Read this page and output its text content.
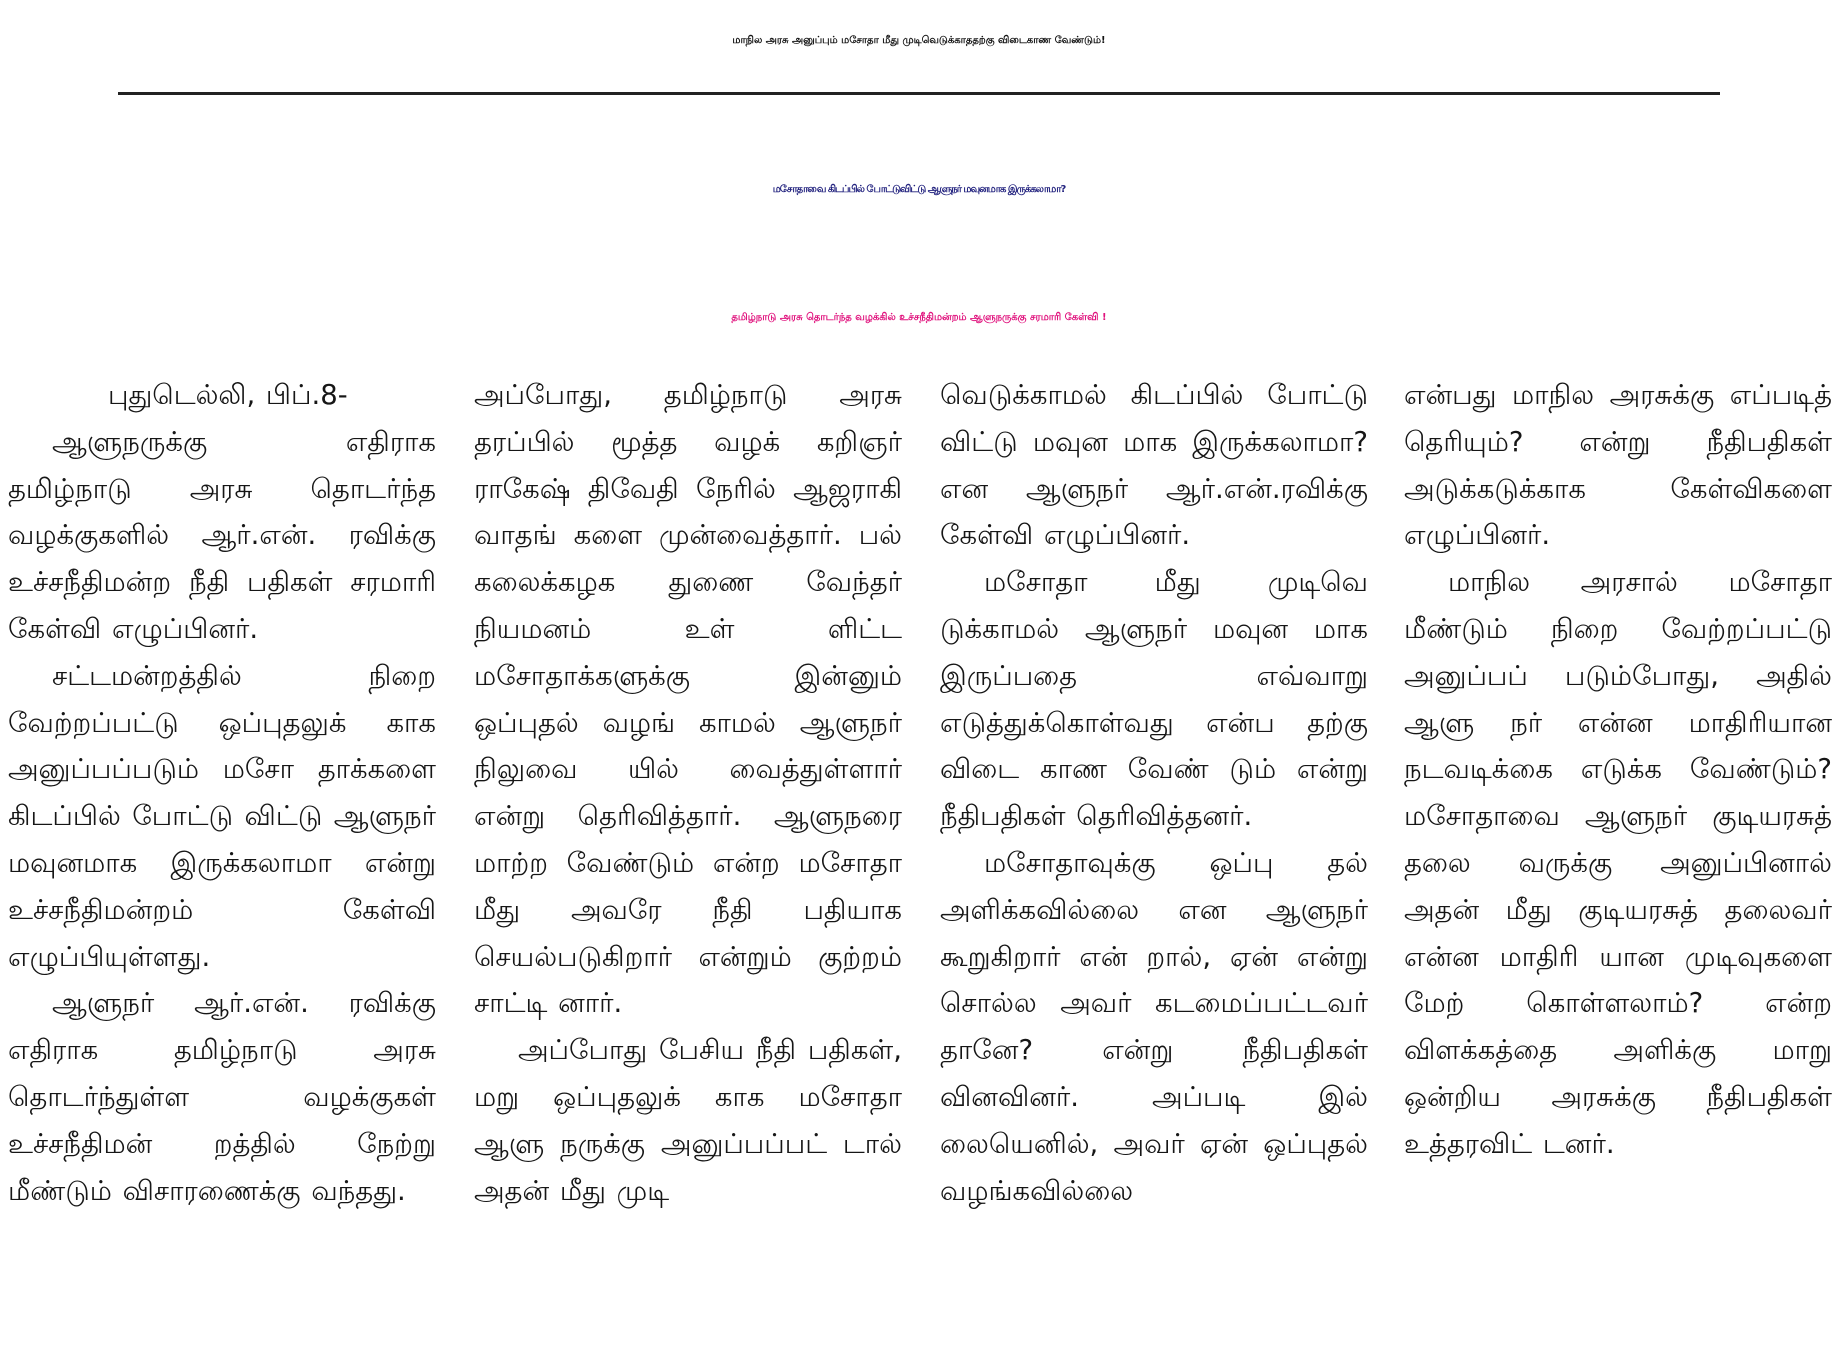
மாநில அரசு அனுப்பும் மசோதா மீது முடிவெடுக்காததற்கு விடைகாண வேண்டும்!
மசோதாவை கிடப்பில் போட்டுவிட்டு ஆளுநர் மவுனமாக இருக்கலாமா?
தமிழ்நாடு அரசு தொடர்ந்த வழக்கில் உச்சநீதிமன்றம் ஆளுநருக்கு சரமாரி கேள்வி !

புதுடெல்லி, பிப்.8-

ஆளுநருக்கு எதிராக தமிழ்நாடு அரசு தொடர்ந்த வழக்குகளில் ஆர்.என். ரவிக்கு உச்சநீதிமன்ற நீதி பதிகள் சரமாரி கேள்வி எழுப்பினர்.

சட்டமன்றத்தில் நிறை வேற்றப்பட்டு ஒப்புதலுக் காக அனுப்பப்படும் மசோ தாக்களை கிடப்பில் போட்டு விட்டு ஆளுநர் மவுனமாக இருக்கலாமா என்று உச்சநீதிமன்றம் கேள்வி எழுப்பியுள்ளது.

ஆளுநர் ஆர்.என். ரவிக்கு எதிராக தமிழ்நாடு அரசு தொடர்ந்துள்ள வழக்குகள் உச்சநீதிமன் றத்தில் நேற்று மீண்டும் விசாரணைக்கு வந்தது.

அப்போது, தமிழ்நாடு அரசு தரப்பில் மூத்த வழக் கறிஞர் ராகேஷ் திவேதி நேரில் ஆஜராகி வாதங் களை முன்வைத்தார். பல் கலைக்கழக துணை வேந்தர் நியமனம் உள் ளிட்ட மசோதாக்களுக்கு இன்னும் ஒப்புதல் வழங் காமல் ஆளுநர் நிலுவை யில் வைத்துள்ளார் என்று தெரிவித்தார். ஆளுநரை மாற்ற வேண்டும் என்ற மசோதா மீது அவரே நீதி பதியாக செயல்படுகிறார் என்றும் குற்றம் சாட்டி னார்.

அப்போது பேசிய நீதி பதிகள், மறு ஒப்புதலுக் காக மசோதா ஆளு நருக்கு அனுப்பப்பட் டால் அதன் மீது முடி

வெடுக்காமல் கிடப்பில் போட்டு விட்டு மவுன மாக இருக்கலாமா? என ஆளுநர் ஆர்.என்.ரவிக்கு கேள்வி எழுப்பினர்.

மசோதா மீது முடிவெ டுக்காமல் ஆளுநர் மவுன மாக இருப்பதை எவ்வாறு எடுத்துக்கொள்வது என்ப தற்கு விடை காண வேண் டும் என்று நீதிபதிகள் தெரிவித்தனர்.

மசோதாவுக்கு ஒப்பு தல் அளிக்கவில்லை என ஆளுநர் கூறுகிறார் என் றால், ஏன் என்று சொல்ல அவர் கடமைப்பட்டவர் தானே? என்று நீதிபதிகள் வினவினர். அப்படி இல் லையெனில், அவர் ஏன் ஒப்புதல் வழங்கவில்லை

என்பது மாநில அரசுக்கு எப்படித் தெரியும்? என்று நீதிபதிகள் அடுக்கடுக்காக கேள்விகளை எழுப்பினர்.

மாநில அரசால் மசோதா மீண்டும் நிறை வேற்றப்பட்டு அனுப்பப் படும்போது, அதில் ஆளு நர் என்ன மாதிரியான நடவடிக்கை எடுக்க வேண்டும்? மசோதாவை ஆளுநர் குடியரசுத் தலை வருக்கு அனுப்பினால் அதன் மீது குடியரசுத் தலைவர் என்ன மாதிரி யான முடிவுகளை மேற் கொள்ளலாம்? என்ற விளக்கத்தை அளிக்கு மாறு ஒன்றிய அரசுக்கு நீதிபதிகள் உத்தரவிட் டனர்.
